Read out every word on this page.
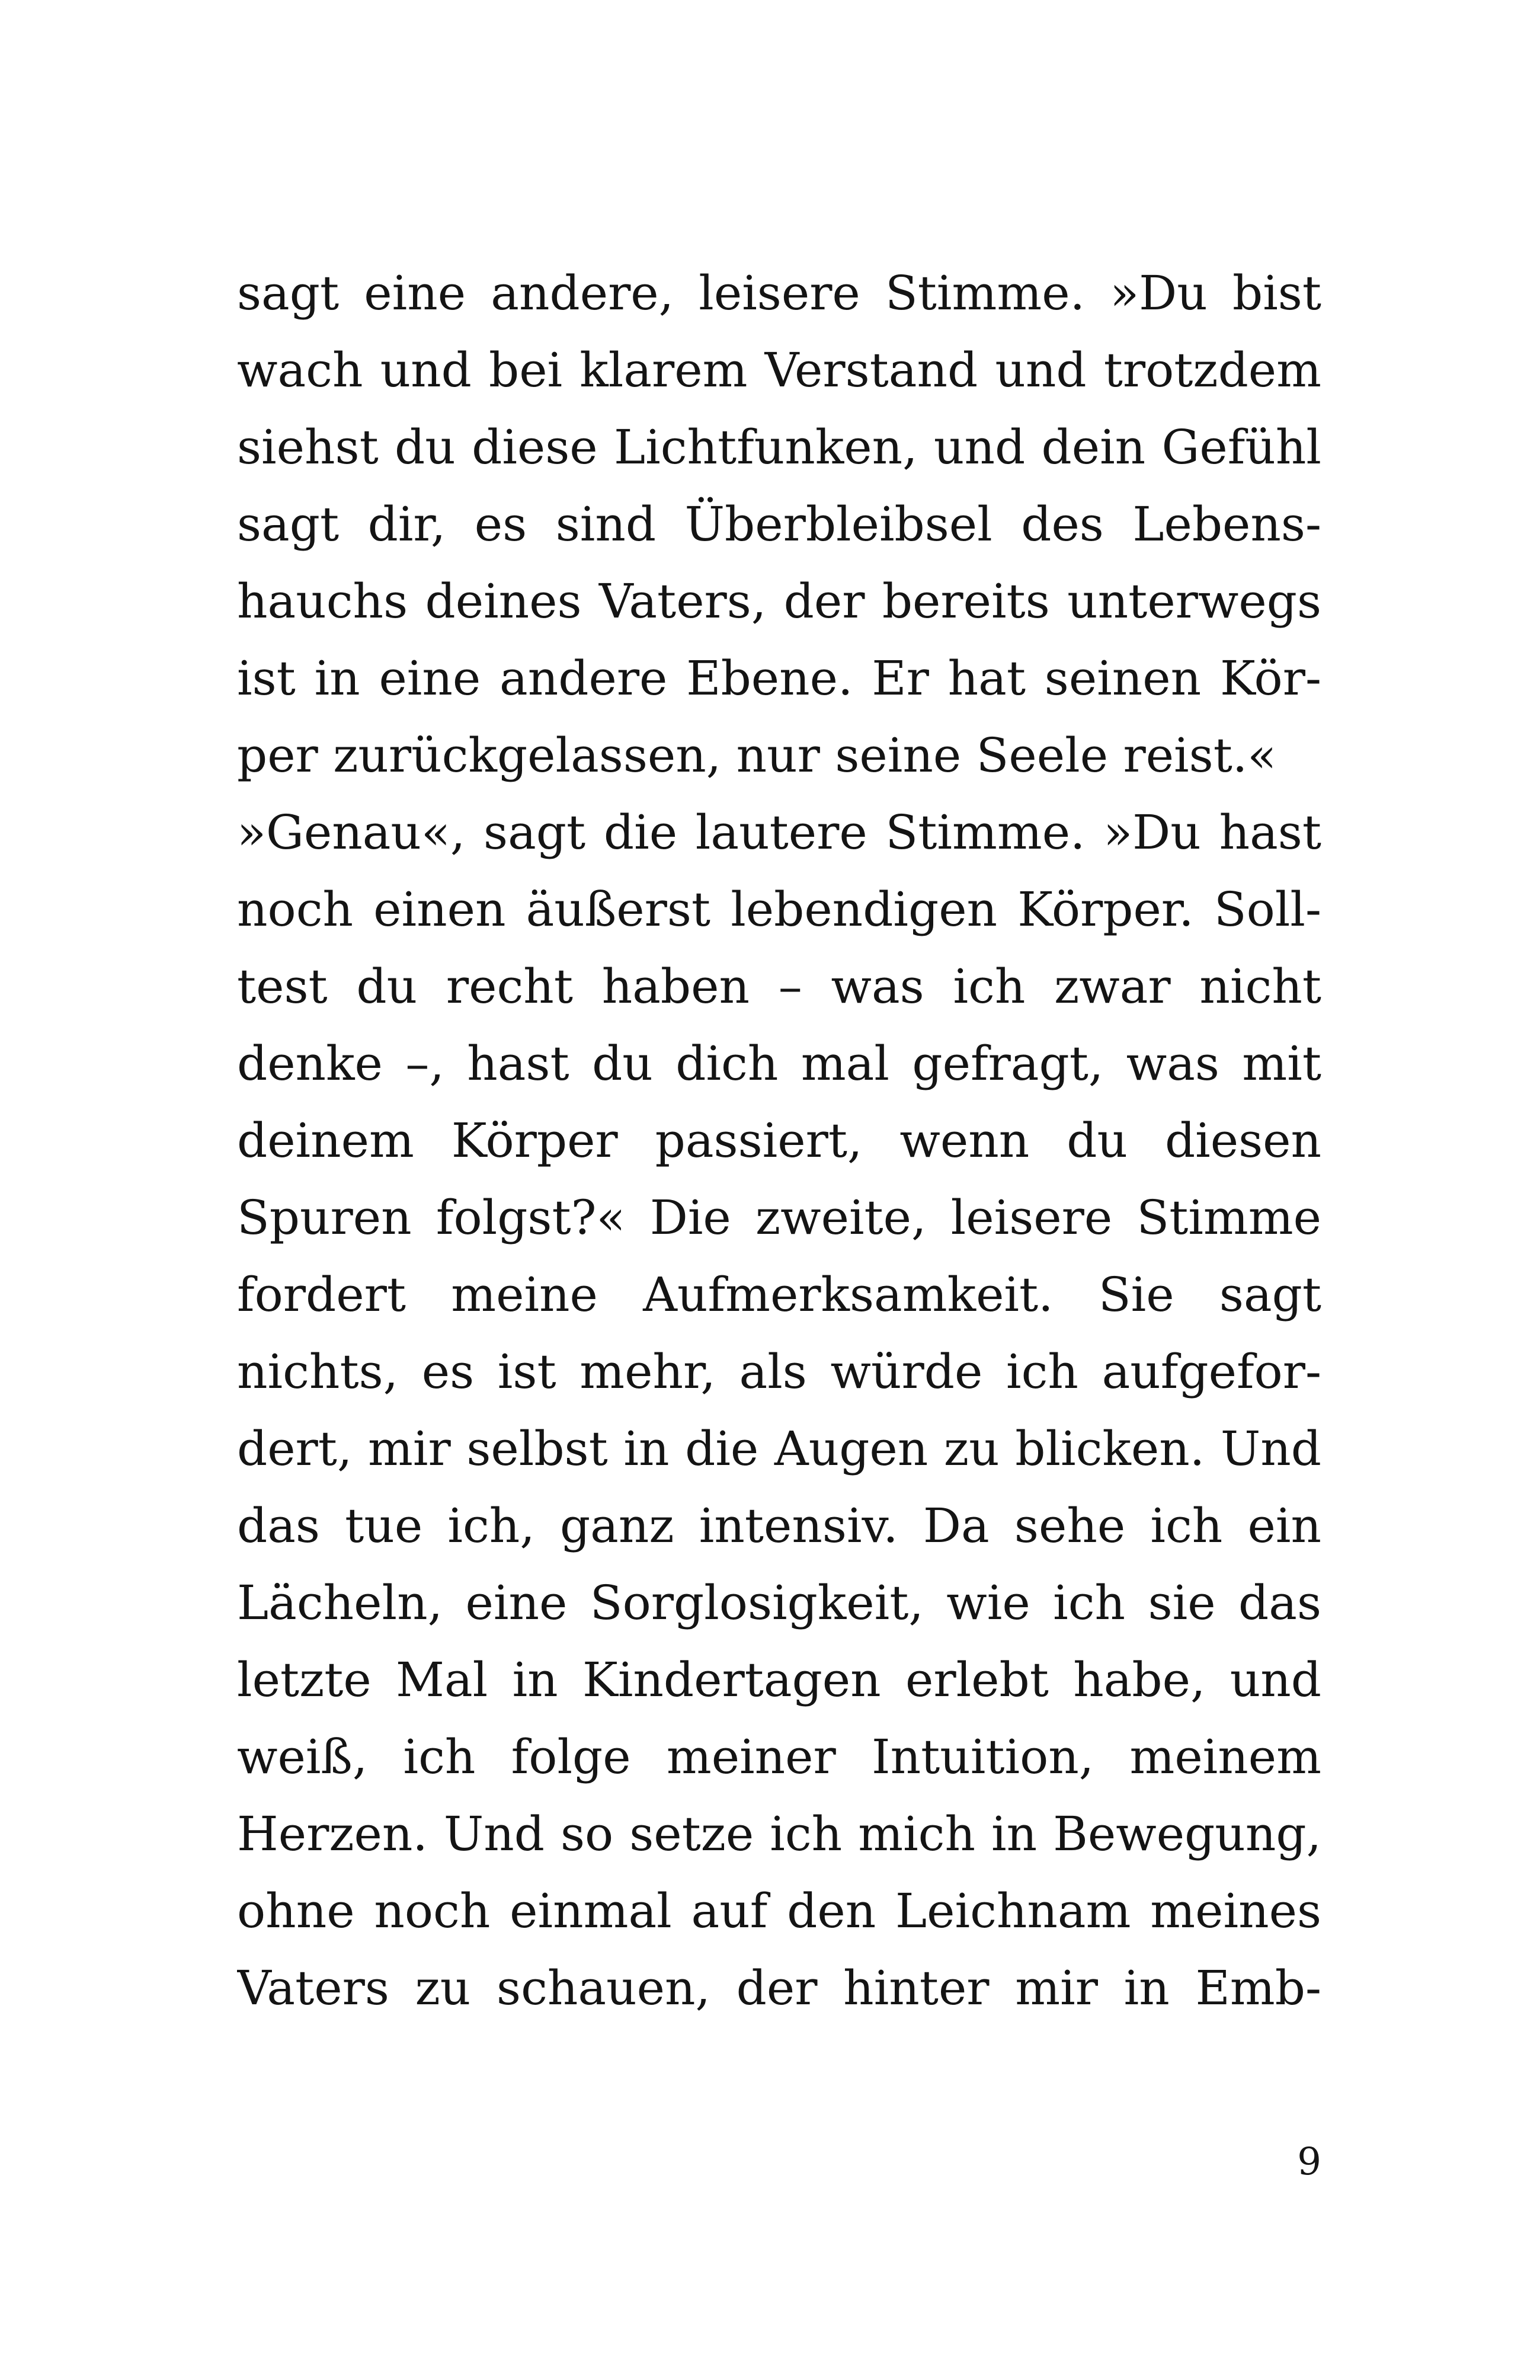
sagt eine andere, leisere Stimme. »Du bist
wach und bei klarem Verstand und trotzdem
siehst du diese Lichtfunken, und dein Gefühl
sagt dir, es sind Überbleibsel des Lebens-
hauchs deines Vaters, der bereits unterwegs
ist in eine andere Ebene. Er hat seinen Kör-
per zurückgelassen, nur seine Seele reist.«
»Genau«, sagt die lautere Stimme. »Du hast
noch einen äußerst lebendigen Körper. Soll-
test du recht haben – was ich zwar nicht
denke –, hast du dich mal gefragt, was mit
deinem Körper passiert, wenn du diesen
Spuren folgst?« Die zweite, leisere Stimme
fordert meine Aufmerksamkeit. Sie sagt
nichts, es ist mehr, als würde ich aufgefor-
dert, mir selbst in die Augen zu blicken. Und
das tue ich, ganz intensiv. Da sehe ich ein
Lächeln, eine Sorglosigkeit, wie ich sie das
letzte Mal in Kindertagen erlebt habe, und
weiß, ich folge meiner Intuition, meinem
Herzen. Und so setze ich mich in Bewegung,
ohne noch einmal auf den Leichnam meines
Vaters zu schauen, der hinter mir in Emb-
9
